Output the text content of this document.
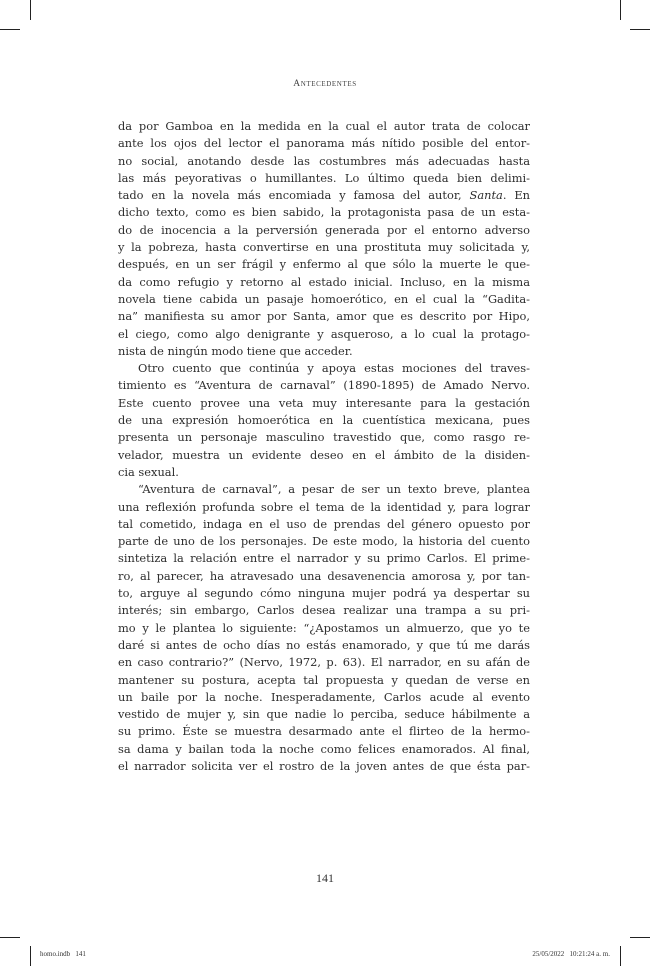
Antecedentes
da por Gamboa en la medida en la cual el autor trata de colocar
ante los ojos del lector el panorama más nítido posible del entor-
no social, anotando desde las costumbres más adecuadas hasta
las más peyorativas o humillantes. Lo último queda bien delimi-
tado en la novela más encomiada y famosa del autor, Santa. En
dicho texto, como es bien sabido, la protagonista pasa de un esta-
do de inocencia a la perversión generada por el entorno adverso
y la pobreza, hasta convertirse en una prostituta muy solicitada y,
después, en un ser frágil y enfermo al que sólo la muerte le que-
da como refugio y retorno al estado inicial. Incluso, en la misma
novela tiene cabida un pasaje homoerótico, en el cual la “Gadita-
na” manifiesta su amor por Santa, amor que es descrito por Hipo,
el ciego, como algo denigrante y asqueroso, a lo cual la protago-
nista de ningún modo tiene que acceder.
Otro cuento que continúa y apoya estas mociones del traves-
timiento es “Aventura de carnaval” (1890-1895) de Amado Nervo.
Este cuento provee una veta muy interesante para la gestación
de una expresión homoerótica en la cuentística mexicana, pues
presenta un personaje masculino travestido que, como rasgo re-
velador, muestra un evidente deseo en el ámbito de la disiden-
cia sexual.
“Aventura de carnaval”, a pesar de ser un texto breve, plantea
una reflexión profunda sobre el tema de la identidad y, para lograr
tal cometido, indaga en el uso de prendas del género opuesto por
parte de uno de los personajes. De este modo, la historia del cuento
sintetiza la relación entre el narrador y su primo Carlos. El prime-
ro, al parecer, ha atravesado una desavenencia amorosa y, por tan-
to, arguye al segundo cómo ninguna mujer podrá ya despertar su
interés; sin embargo, Carlos desea realizar una trampa a su pri-
mo y le plantea lo siguiente: “¿Apostamos un almuerzo, que yo te
daré si antes de ocho días no estás enamorado, y que tú me darás
en caso contrario?” (Nervo, 1972, p. 63). El narrador, en su afán de
mantener su postura, acepta tal propuesta y quedan de verse en
un baile por la noche. Inesperadamente, Carlos acude al evento
vestido de mujer y, sin que nadie lo perciba, seduce hábilmente a
su primo. Éste se muestra desarmado ante el flirteo de la hermo-
sa dama y bailan toda la noche como felices enamorados. Al final,
el narrador solicita ver el rostro de la joven antes de que ésta par-
141
homo.indb   141	25/05/2022   10:21:24 a. m.
